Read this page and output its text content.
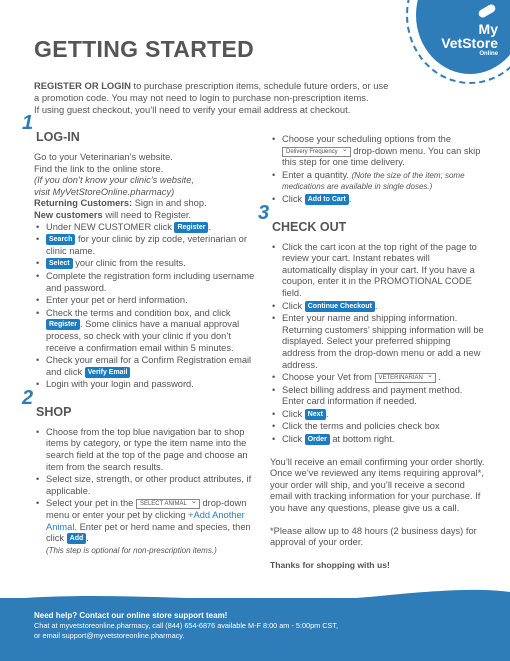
My
VetStore
Online
GETTING STARTED
REGISTER OR LOGIN to purchase prescription items, schedule future orders, or use
a promotion code. You may not need to login to purchase non-prescription items.
If using guest checkout, you’ll need to verify your email address at checkout.
1
LOG-IN

Go to your Veterinarian’s website.

Find the link to the online store.

(If you don’t know your clinic’s website,

visit MyVetStoreOnline.pharmacy)

Returning Customers: Sign in and shop.

New customers will need to Register.

• Under NEW CUSTOMER click Register .
• Search for your clinic by zip code, veterinarian or clinic name.
• Select your clinic from the results.
• Complete the registration form including username and password.
• Enter your pet or herd information.
• Check the terms and condition box, and click Register . Some clinics have a manual approval process, so check with your clinic if you don’t receive a confirmation email within 5 minutes.
• Check your email for a Confirm Registration email and click Verify Email
• Login with your login and password.
2
SHOP
• Choose from the top blue navigation bar to shop items by category, or type the item name into the search field at the top of the page and choose an item from the search results.
• Select size, strength, or other product attributes, if applicable.
• Select your pet in the SELECT ANIMAL ⌄ drop-down menu or enter your pet by clicking +Add Another Animal. Enter pet or herd name and species, then click Add .
(This step is optional for non-prescription items.)
• Choose your scheduling options from the Delivery Frequency ⌄ drop-down menu. You can skip this step for one time delivery.
• Enter a quantity. (Note the size of the item; some medications are available in single doses.)
• Click Add to Cart .
3
CHECK OUT
• Click the cart icon at the top right of the page to review your cart. Instant rebates will automatically display in your cart. If you have a coupon, enter it in the PROMOTIONAL CODE field.
• Click Continue Checkout .
• Enter your name and shipping information. Returning customers’ shipping information will be displayed. Select your preferred shipping address from the drop-down menu or add a new address.
• Choose your Vet from VETERINARIAN ⌄ .
• Select billing address and payment method. Enter card information if needed.
• Click Next .
• Click the terms and policies check box
• Click Order at bottom right.

You’ll receive an email confirming your order shortly. Once we’ve reviewed any items requiring approval*, your order will ship, and you’ll receive a second email with tracking information for your purchase. If you have any questions, please give us a call.

*Please allow up to 48 hours (2 business days) for approval of your order.

Thanks for shopping with us!

Need help? Contact our online store support team!
Chat at myvetstoreonline.pharmacy, call (844) 654-6876 available M-F 8:00 am - 5:00pm CST,
or email support@myvetstoreonline.pharmacy.
